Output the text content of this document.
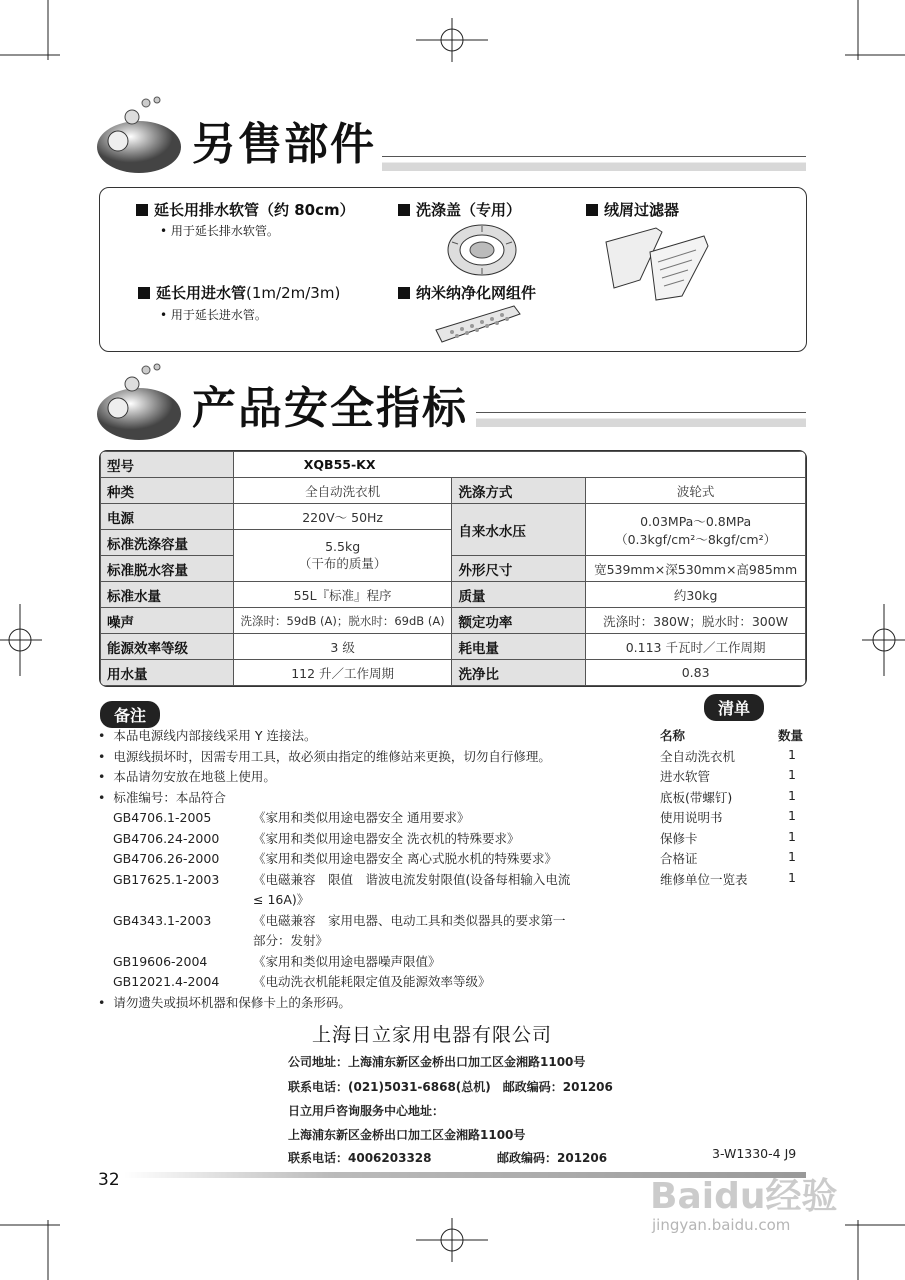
另售部件
延长用排水软管（约 80cm）
• 用于延长排水软管。
洗涤盖（专用）	绒屑过滤器
延长用进水管(1m/2m/3m)
• 用于延长进水管。
纳米纳净化网组件
产品安全指标
型号	XQB55-KX		
种类	全自动洗衣机	洗涤方式	波轮式
电源	220V～ 50Hz	自来水水压	0.03MPa～0.8MPa
（0.3kgf/cm²～8kgf/cm²）

标准洗涤容量	5.5kg
（干布的质量）		

标准脱水容量		外形尺寸	宽539mm×深530mm×高985mm
标准水量	55L『标准』程序	质量	约30kg
噪声	洗涤时：59dB (A)；脱水时：69dB (A)	额定功率	洗涤时：380W；脱水时：300W
能源效率等级	3 级	耗电量	0.113 千瓦时／工作周期
用水量	112 升／工作周期	洗净比	0.83
备注
• 本品电源线内部接线采用 Y 连接法。
• 电源线损坏时，因需专用工具，故必须由指定的维修站来更换，切勿自行修理。
• 本品请勿安放在地毯上使用。
• 标准编号：本品符合
GB4706.1-2005	《家用和类似用途电器安全 通用要求》
GB4706.24-2000	《家用和类似用途电器安全 洗衣机的特殊要求》
GB4706.26-2000	《家用和类似用途电器安全 离心式脱水机的特殊要求》
GB17625.1-2003	《电磁兼容　限值　谐波电流发射限值(设备每相输入电流
≤ 16A)》
GB4343.1-2003	《电磁兼容　家用电器、电动工具和类似器具的要求第一
部分：发射》
GB19606-2004	《家用和类似用途电器噪声限值》
GB12021.4-2004	《电动洗衣机能耗限定值及能源效率等级》
• 请勿遗失或损坏机器和保修卡上的条形码。
清单
名称	数量
全自动洗衣机	1
进水软管	1
底板(带螺钉)	1
使用说明书	1
保修卡	1
合格证	1
维修单位一览表	1
上海日立家用电器有限公司
公司地址：上海浦东新区金桥出口加工区金湘路1100号
联系电话：(021)5031-6868(总机)　邮政编码：201206
日立用戶咨询服务中心地址：
上海浦东新区金桥出口加工区金湘路1100号
联系电话：4006203328	邮政编码：201206	3-W1330-4 J9
32	Baidu经验
jingyan.baidu.com
